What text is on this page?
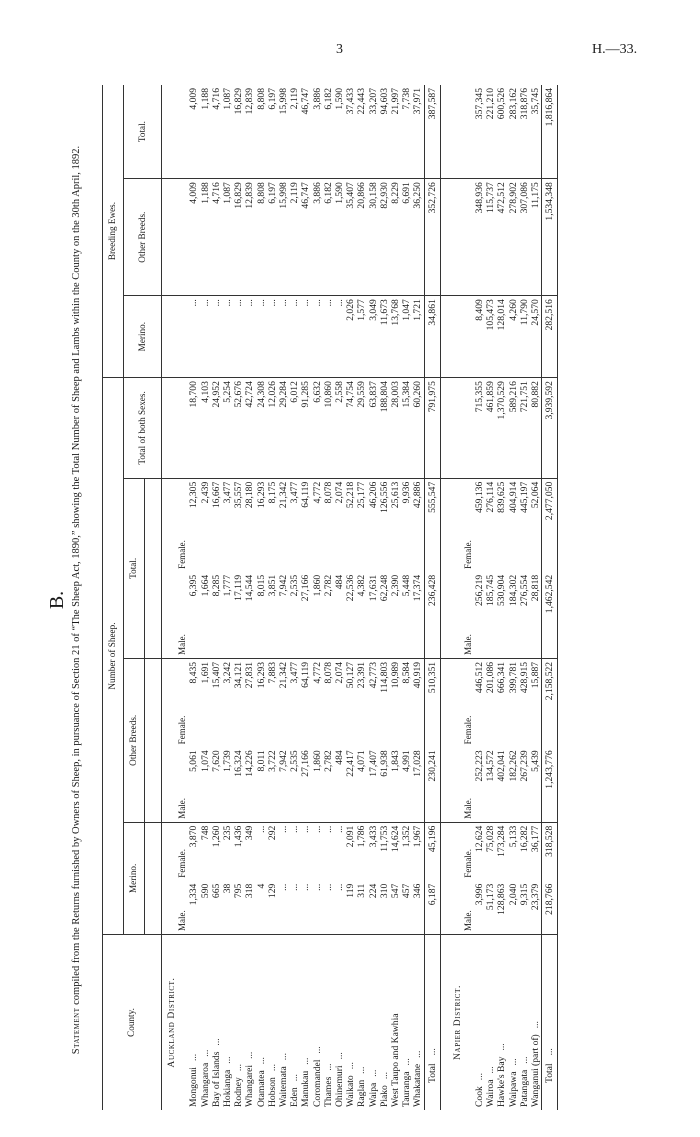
3	H.—33.
B.
Statement compiled from the Returns furnished by Owners of Sheep, in pursuance of Section 21 of “The Sheep Act, 1890,” showing the Total Number of Sheep and Lambs within the County on the 30th April, 1892.
County.	Number of Sheep.							Breeding Ewes.		
	Merino.		Other Breeds.		Total.		Total of both Sexes.	Merino.	Other Breeds.	Total.

Auckland District.										
	Male.	Female.	Male.	Female.	Male.	Female.				
Mongonui...	1,334	3,870	5,061	8,435	6,395	12,305	18,700	...	4,009	4,009
Whangaroa...	590	748	1,074	1,691	1,664	2,439	4,103	...	1,188	1,188
Bay of Islands...	665	1,260	7,620	15,407	8,285	16,667	24,952	...	4,716	4,716
Hokianga...	38	235	1,739	3,242	1,777	3,477	5,254	...	1,087	1,087
Rodney...	795	1,436	16,324	34,121	17,119	35,557	52,676	...	16,829	16,829
Whangarei...	318	349	14,226	27,831	14,544	28,180	42,724	...	12,839	12,839
Otamatea...	4	...	8,011	16,293	8,015	16,293	24,308	...	8,808	8,808
Hobson...	129	292	3,722	7,883	3,851	8,175	12,026	...	6,197	6,197
Waitemata...	...	...	7,942	21,342	7,942	21,342	29,284	...	15,998	15,998
Eden...	...	...	2,535	3,477	2,535	3,477	6,012	...	2,119	2,119
Manukau...	...	...	27,166	64,119	27,166	64,119	91,285	...	46,747	46,747
Coromandel...	...	...	1,860	4,772	1,860	4,772	6,632	...	3,886	3,886
Thames...	...	...	2,782	8,078	2,782	8,078	10,860	...	6,182	6,182
Ohinemuri...	...	...	484	2,074	484	2,074	2,558	...	1,590	1,590
Waikato...	119	2,091	22,417	50,127	22,536	52,218	74,754	2,026	35,407	37,433
Raglan...	311	1,786	4,071	23,391	4,382	25,177	29,559	1,577	20,866	22,443
Waipa...	224	3,433	17,407	42,773	17,631	46,206	63,837	3,049	30,158	33,207
Piako...	310	11,753	61,938	114,803	62,248	126,556	188,804	11,673	82,930	94,603
West Taupo and Kawhia	547	14,624	1,843	10,989	2,390	25,613	28,003	13,768	8,229	21,997
Tauranga...	457	1,352	4,991	8,584	5,448	9,936	15,384	1,047	6,691	7,738
Whakatane...	346	1,967	17,028	40,919	17,374	42,886	60,260	1,721	36,250	37,971
Total...	6,187	45,196	230,241	510,351	236,428	555,547	791,975	34,861	352,726	387,587

Napier District.										
	Male.	Female.	Male.	Female.	Male.	Female.				
Cook...	3,996	12,624	252,223	446,512	256,219	459,136	715,355	8,409	348,936	357,345
Wairoa...	51,173	75,028	134,572	201,086	185,745	276,114	461,859	105,473	115,737	221,210
Hawke's Bay...	128,863	173,284	402,041	666,341	530,904	839,625	1,370,529	128,014	472,512	600,526
Waipawa...	2,040	5,133	182,262	399,781	184,302	404,914	589,216	4,260	278,902	283,162
Patangata...	9,315	16,282	267,239	428,915	276,554	445,197	721,751	11,790	307,086	318,876
Wanganui (part of)...	23,379	36,177	5,439	15,887	28,818	52,064	80,882	24,570	11,175	35,745
Total...	218,766	318,528	1,243,776	2,158,522	1,462,542	2,477,050	3,939,592	282,516	1,534,348	1,816,864
